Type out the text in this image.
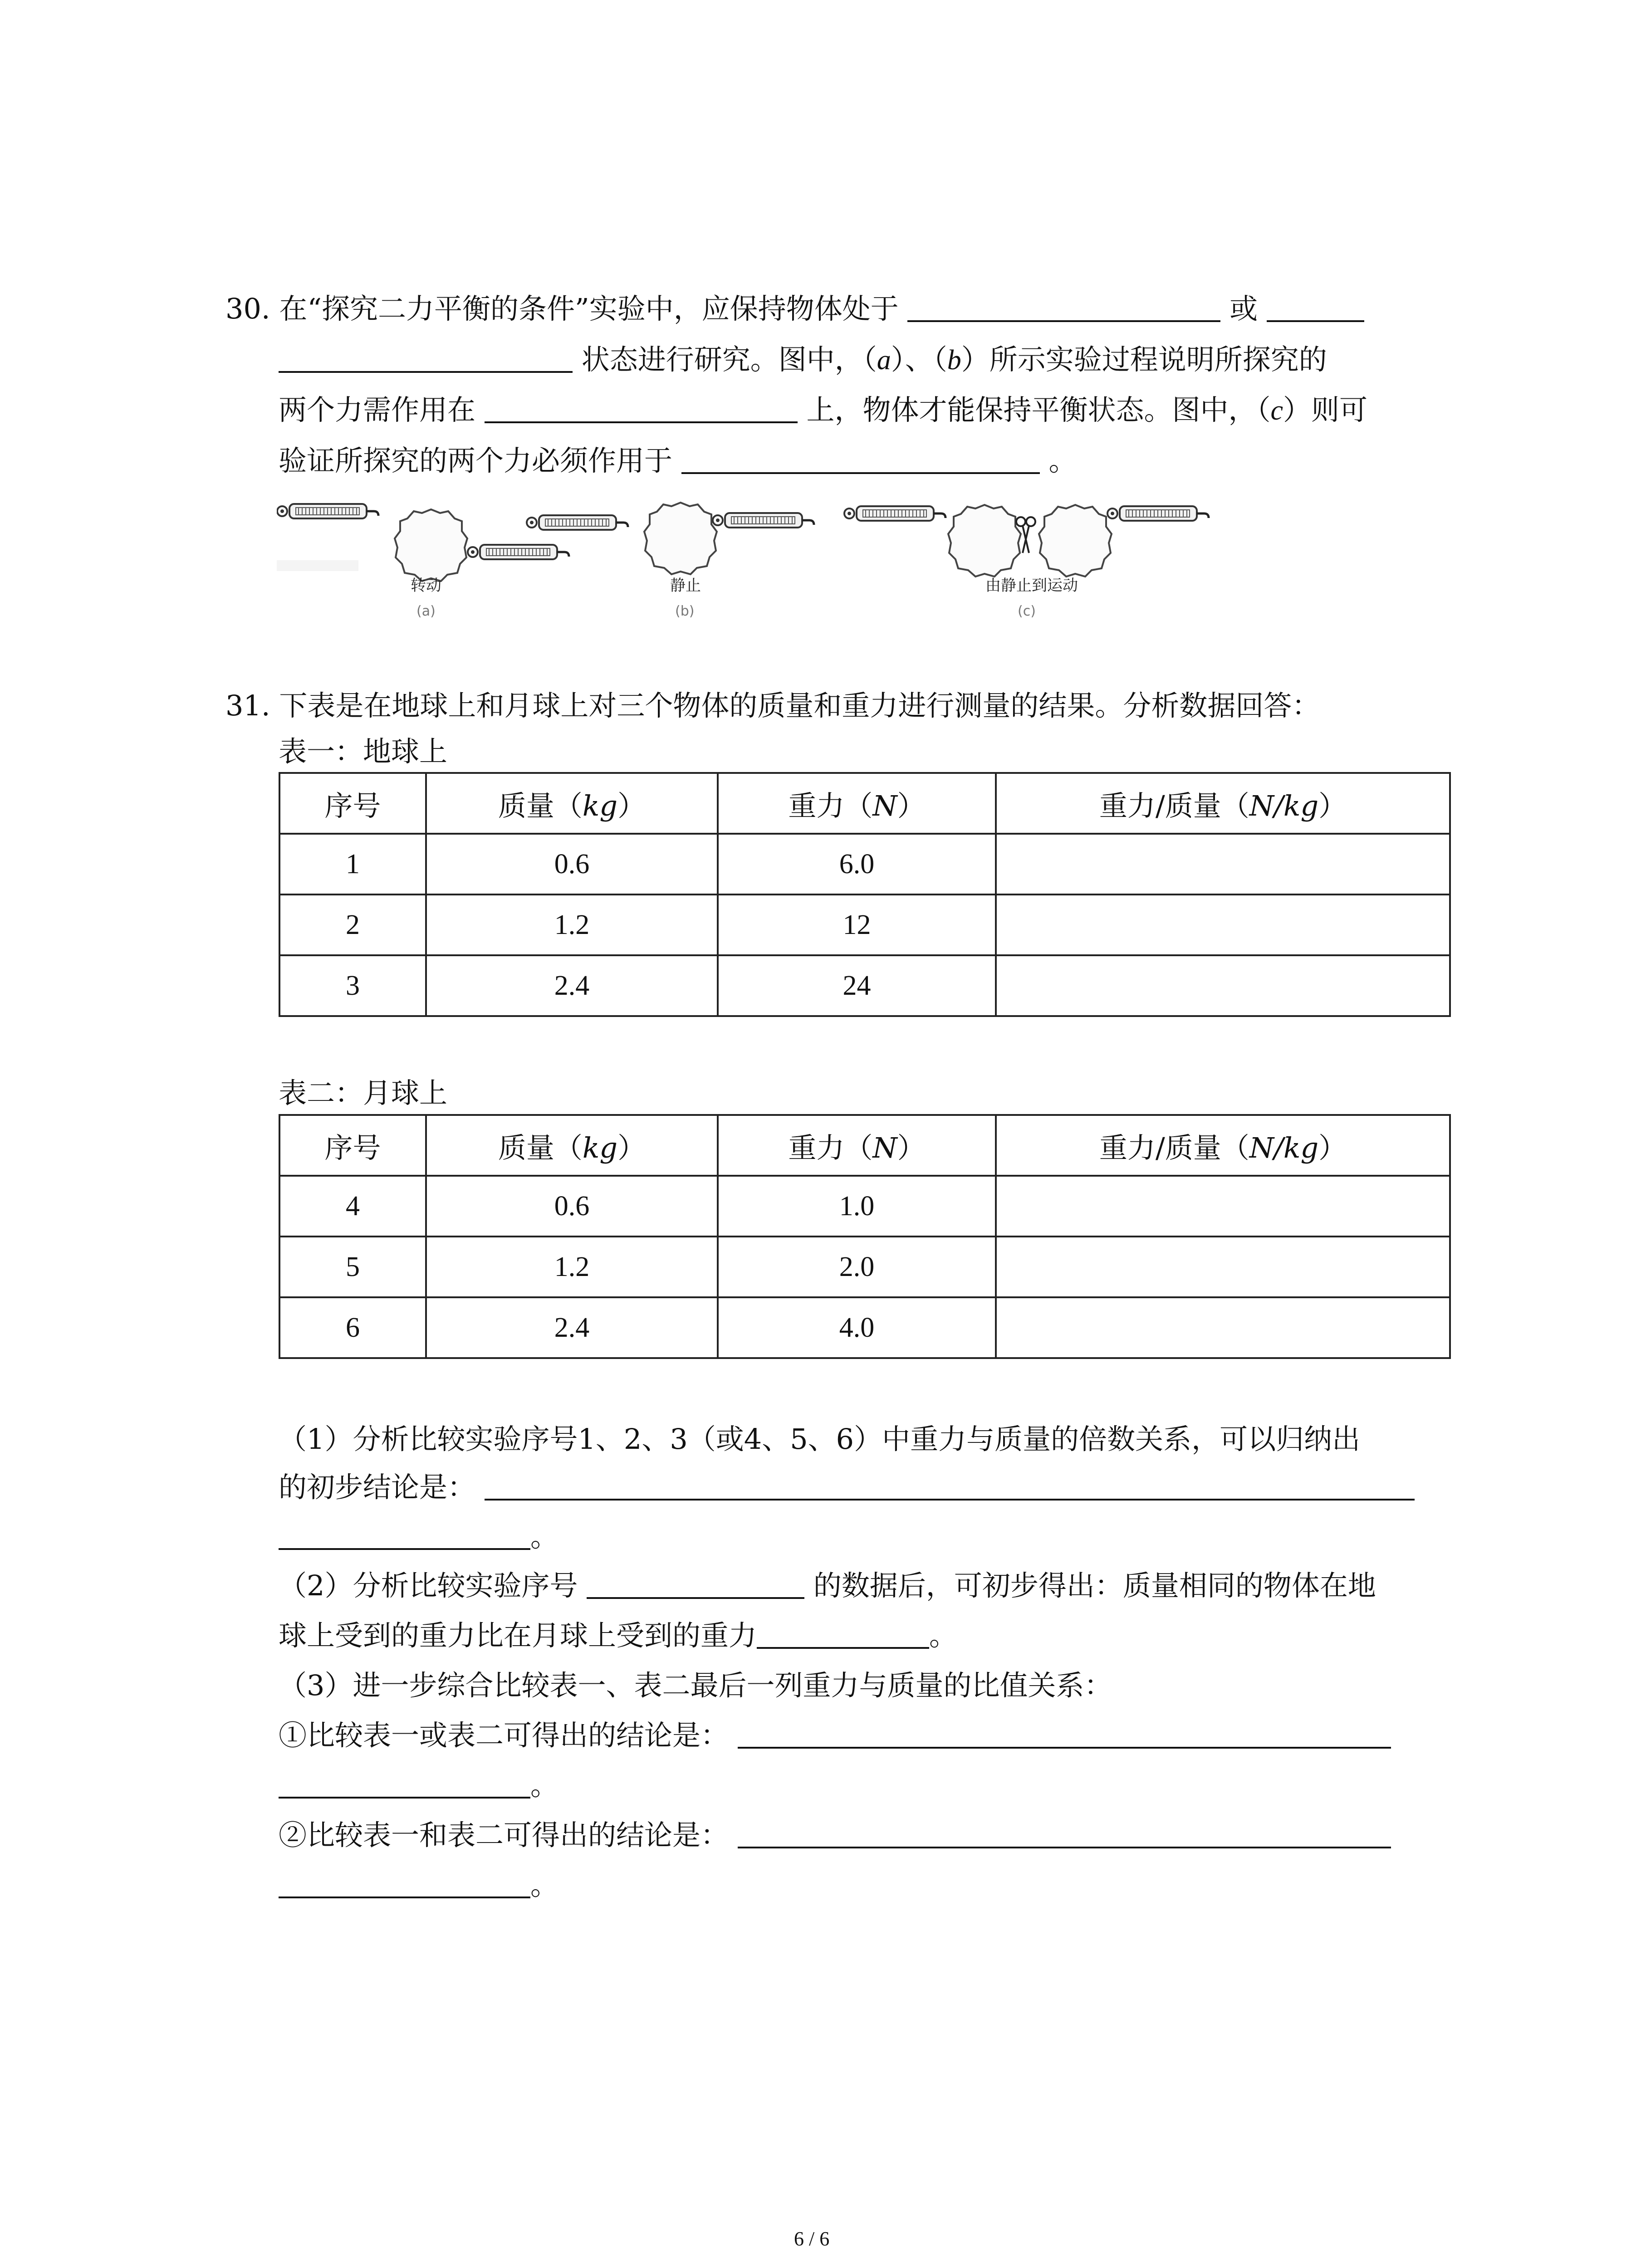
30. 在“探究二力平衡的条件”实验中，应保持物体处于	或
状态进行研究。图中，（a）、（b）所示实验过程说明所探究的
两个力需作用在	上，物体才能保持平衡状态。图中，（c）则可
验证所探究的两个力必须作用于	。
转动	静止	由静止到运动
(a)	(b)	(c)
31. 下表是在地球上和月球上对三个物体的质量和重力进行测量的结果。分析数据回答：
表一：地球上
序号	质量（kg）	重力（N）	重力/质量（N/kg）
1	0.6	6.0	
2	1.2	12	
3	2.4	24	
表二：月球上
序号	质量（kg）	重力（N）	重力/质量（N/kg）
4	0.6	1.0	
5	1.2	2.0	
6	2.4	4.0	
（1）分析比较实验序号1、2、3（或4、5、6）中重力与质量的倍数关系，可以归纳出
的初步结论是：
。
（2）分析比较实验序号	的数据后，可初步得出：质量相同的物体在地
球上受到的重力比在月球上受到的重力	。
（3）进一步综合比较表一、表二最后一列重力与质量的比值关系：
①比较表一或表二可得出的结论是：
。
②比较表一和表二可得出的结论是：
。
6 / 6
